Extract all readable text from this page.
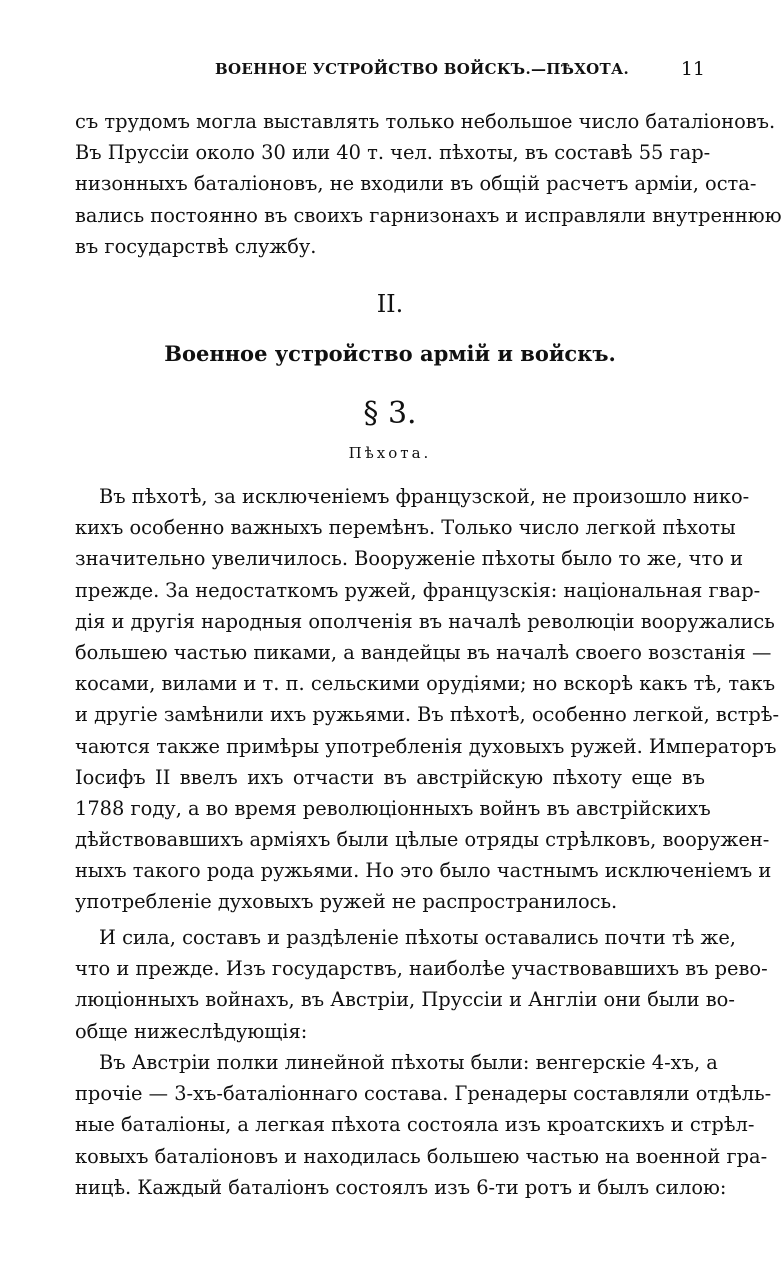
ВОЕННОЕ УСТРОЙСТВО ВОЙСКЪ.—ПѢХОТА.	11
съ трудомъ могла выставлять только небольшое число баталіоновъ.
Въ Пруссіи около 30 или 40 т. чел. пѣхоты, въ составѣ 55 гар-
низонныхъ баталіоновъ, не входили въ общій расчетъ арміи, оста-
вались постоянно въ своихъ гарнизонахъ и исправляли внутреннюю
въ государствѣ службу.
II.
Военное устройство армій и войскъ.
§ 3.
Пѣхота.
Въ пѣхотѣ, за исключеніемъ французской, не произошло нико-
кихъ особенно важныхъ перемѣнъ. Только число легкой пѣхоты
значительно увеличилось. Вооруженіе пѣхоты было то же, что и
прежде. За недостаткомъ ружей, французскія: національная гвар-
дія и другія народныя ополченія въ началѣ революціи вооружались
большею частью пиками, а вандейцы въ началѣ своего возстанія —
косами, вилами и т. п. сельскими орудіями; но вскорѣ какъ тѣ, такъ
и другіе замѣнили ихъ ружьями. Въ пѣхотѣ, особенно легкой, встрѣ-
чаются также примѣры употребленія духовыхъ ружей. Императоръ
Іосифъ II ввелъ ихъ отчасти въ австрійскую пѣхоту еще въ
1788 году, а во время революціонныхъ войнъ въ австрійскихъ
дѣйствовавшихъ арміяхъ были цѣлые отряды стрѣлковъ, вооружен-
ныхъ такого рода ружьями. Но это было частнымъ исключеніемъ и
употребленіе духовыхъ ружей не распространилось.
И сила, составъ и раздѣленіе пѣхоты оставались почти тѣ же,
что и прежде. Изъ государствъ, наиболѣе участвовавшихъ въ рево-
люціонныхъ войнахъ, въ Австріи, Пруссіи и Англіи они были во-
обще нижеслѣдующія:
Въ Австріи полки линейной пѣхоты были: венгерскіе 4-хъ, а
прочіе — 3-хъ-баталіоннаго состава. Гренадеры составляли отдѣль-
ные баталіоны, а легкая пѣхота состояла изъ кроатскихъ и стрѣл-
ковыхъ баталіоновъ и находилась большею частью на военной гра-
ницѣ. Каждый баталіонъ состоялъ изъ 6-ти ротъ и былъ силою:
